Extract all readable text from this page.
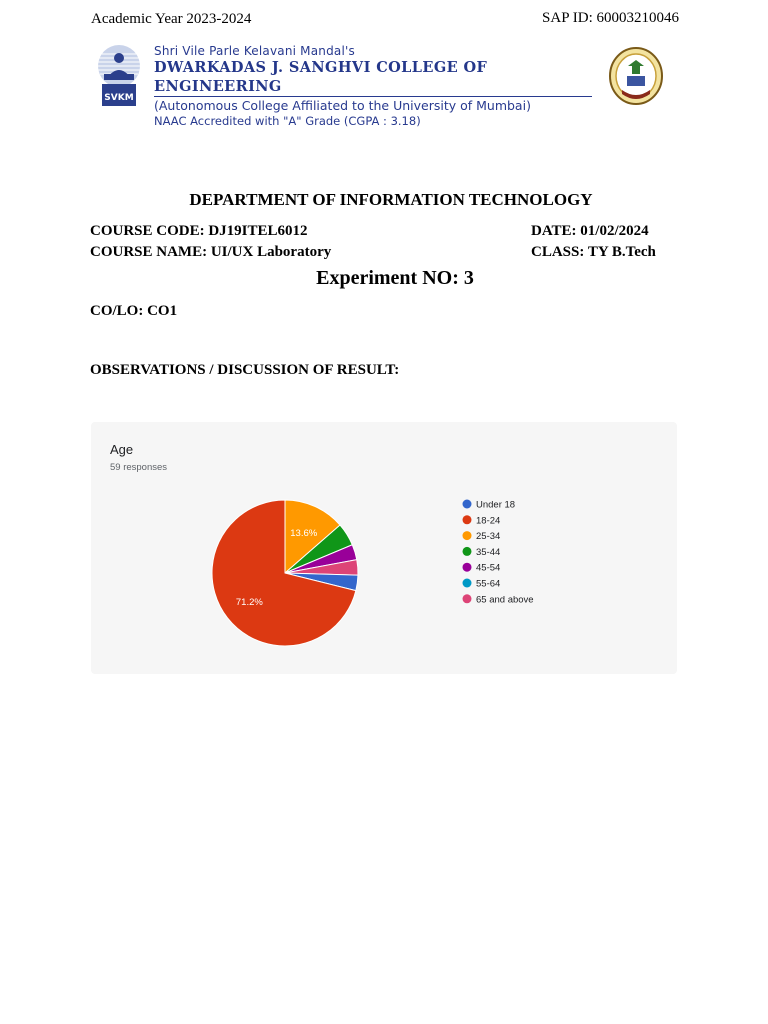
Academic Year 2023-2024	SAP ID: 60003210046
SVKM
Shri Vile Parle Kelavani Mandal's
DWARKADAS J. SANGHVI COLLEGE OF ENGINEERING
(Autonomous College Affiliated to the University of Mumbai)
NAAC Accredited with "A" Grade (CGPA : 3.18)
DEPARTMENT OF INFORMATION TECHNOLOGY
COURSE CODE: DJ19ITEL6012
COURSE NAME: UI/UX Laboratory
DATE: 01/02/2024
CLASS: TY B.Tech
Experiment NO: 3
CO/LO: CO1
OBSERVATIONS / DISCUSSION OF RESULT:
Age
59 responses
13.6%
71.2%
Under 18
18-24
25-34
35-44
45-54
55-64
65 and above
